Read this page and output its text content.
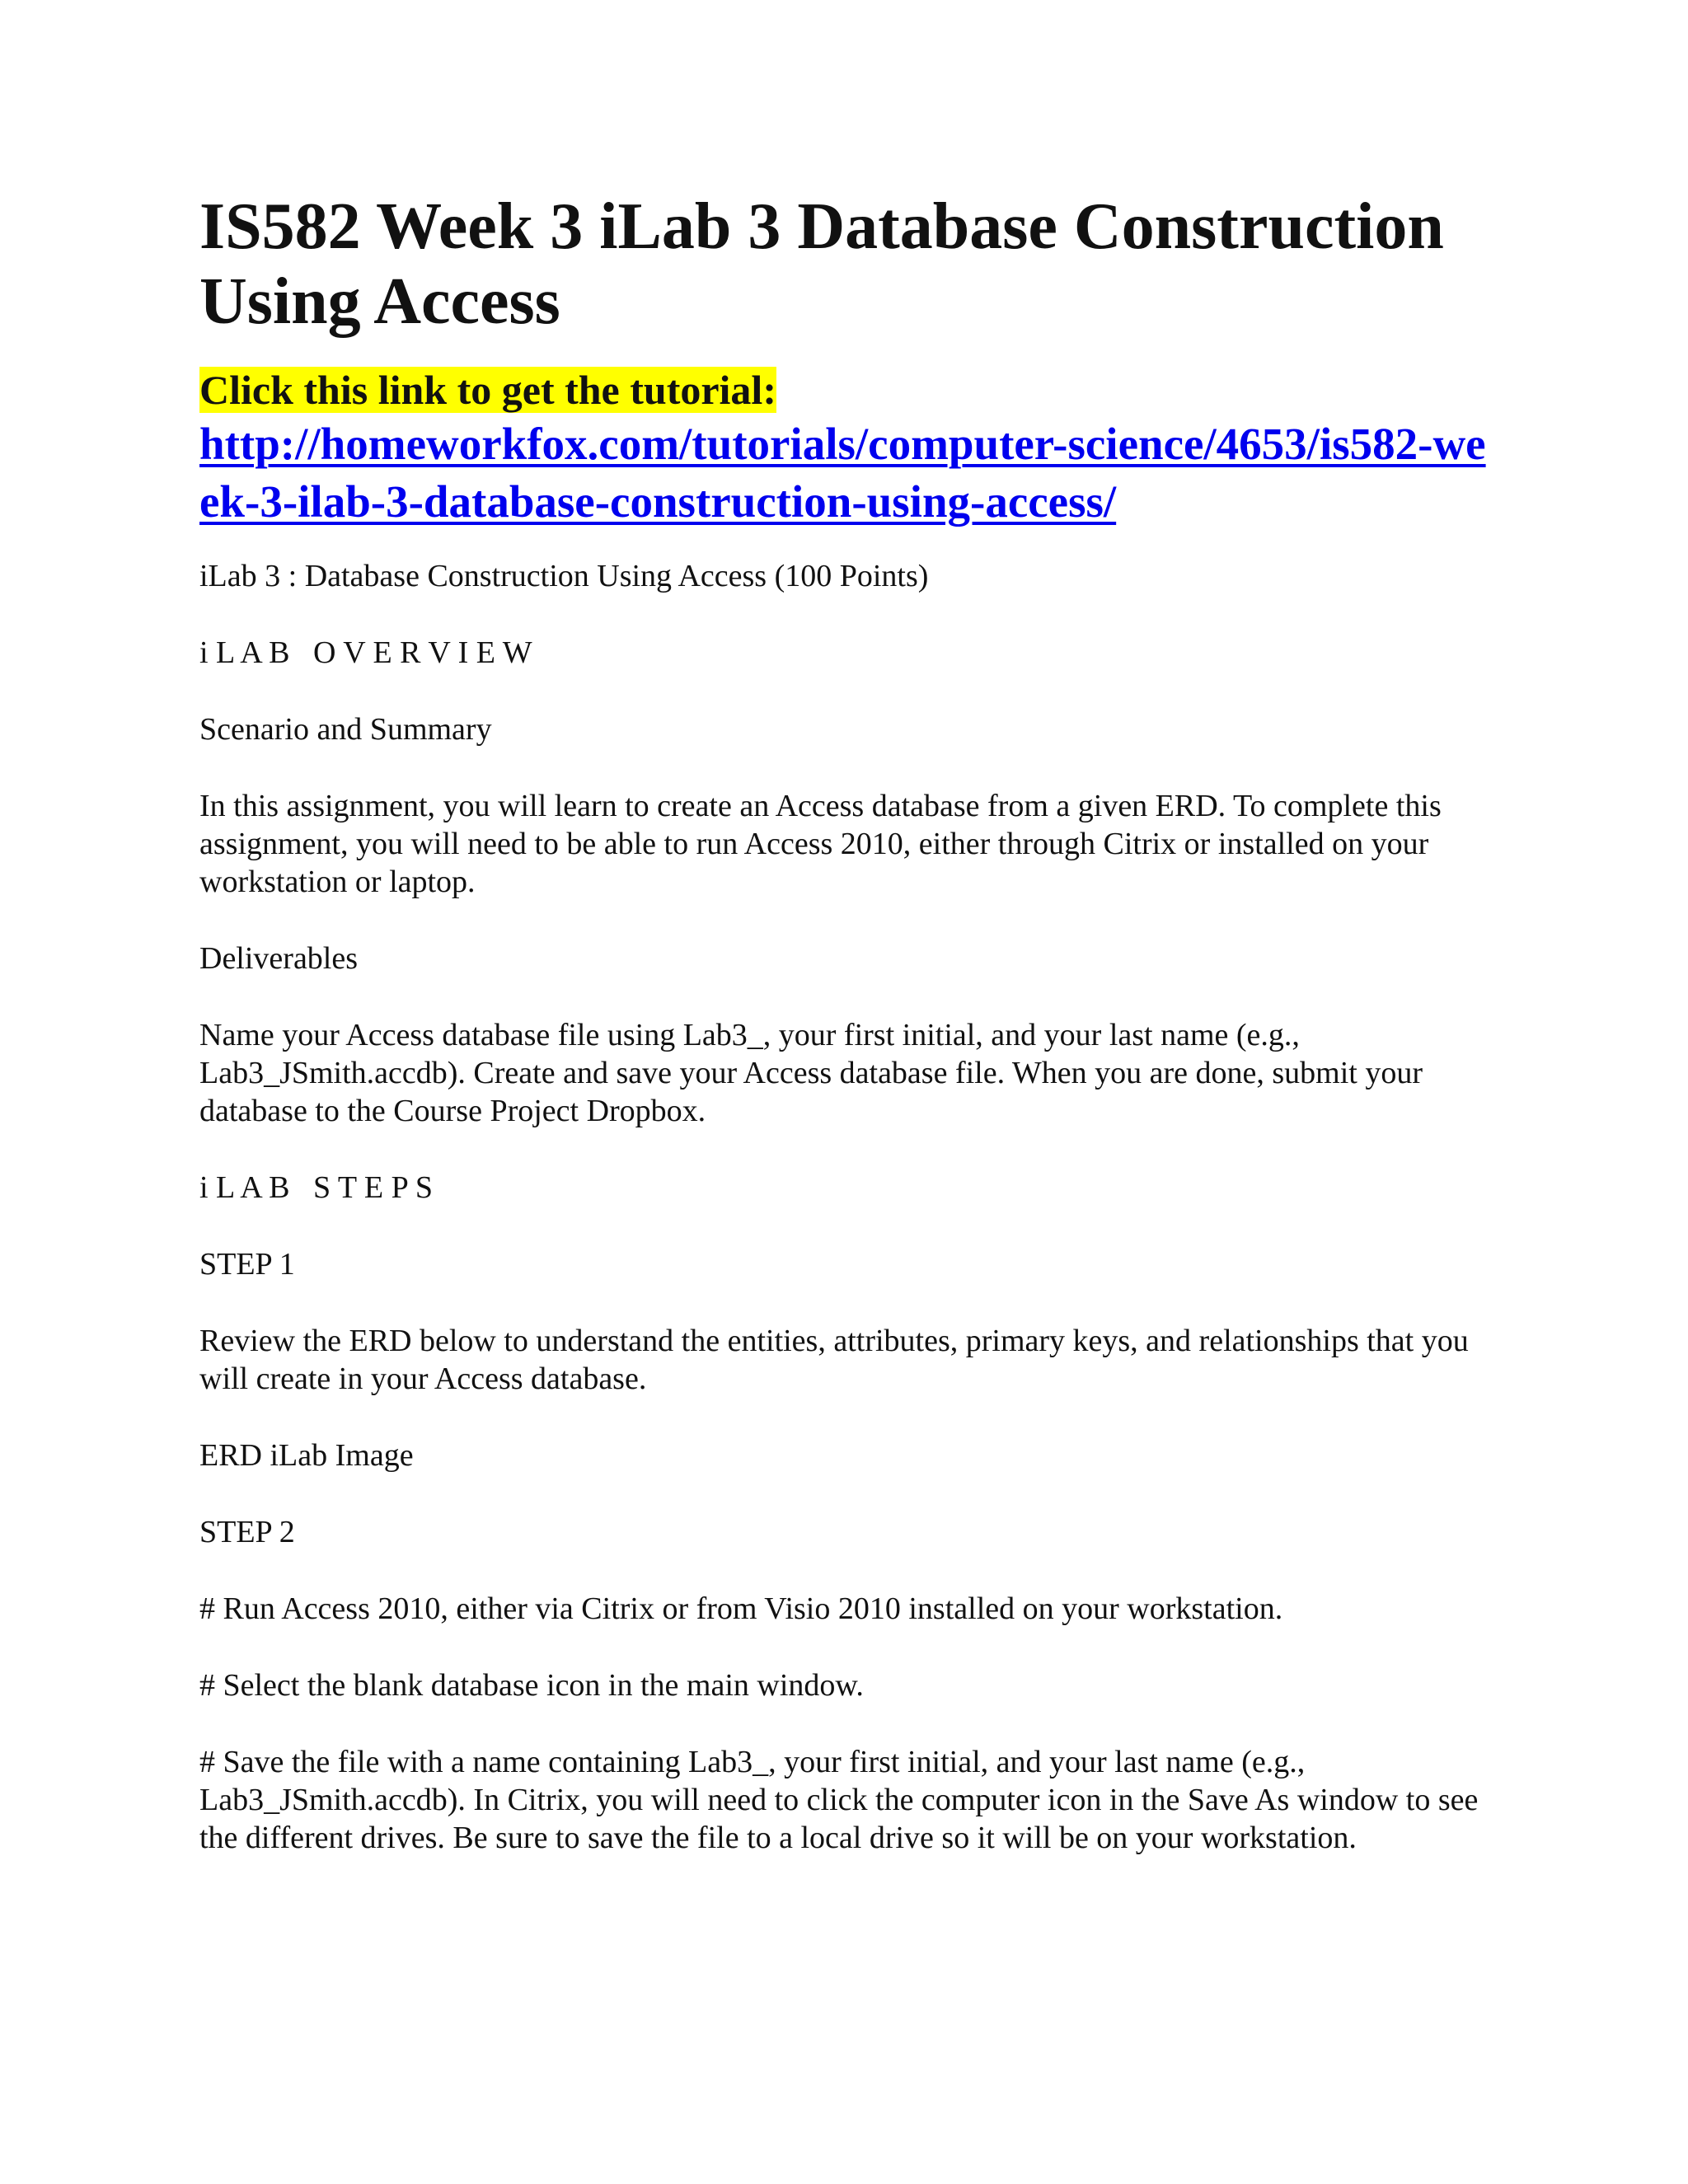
IS582 Week 3 iLab 3 Database Construction Using Access

Click this link to get the tutorial:

http://homeworkfox.com/tutorials/computer-science/4653/is582-week-3-ilab-3-database-construction-using-access/

iLab 3 : Database Construction Using Access (100 Points)

i L A B   O V E R V I E W

Scenario and Summary

In this assignment, you will learn to create an Access database from a given ERD. To complete this assignment, you will need to be able to run Access 2010, either through Citrix or installed on your workstation or laptop.

Deliverables

Name your Access database file using Lab3_, your first initial, and your last name (e.g., Lab3_JSmith.accdb). Create and save your Access database file. When you are done, submit your database to the Course Project Dropbox.

i L A B   S T E P S

STEP 1

Review the ERD below to understand the entities, attributes, primary keys, and relationships that you will create in your Access database.

ERD iLab Image

STEP 2

# Run Access 2010, either via Citrix or from Visio 2010 installed on your workstation.

# Select the blank database icon in the main window.

# Save the file with a name containing Lab3_, your first initial, and your last name (e.g., Lab3_JSmith.accdb). In Citrix, you will need to click the computer icon in the Save As window to see the different drives. Be sure to save the file to a local drive so it will be on your workstation.
